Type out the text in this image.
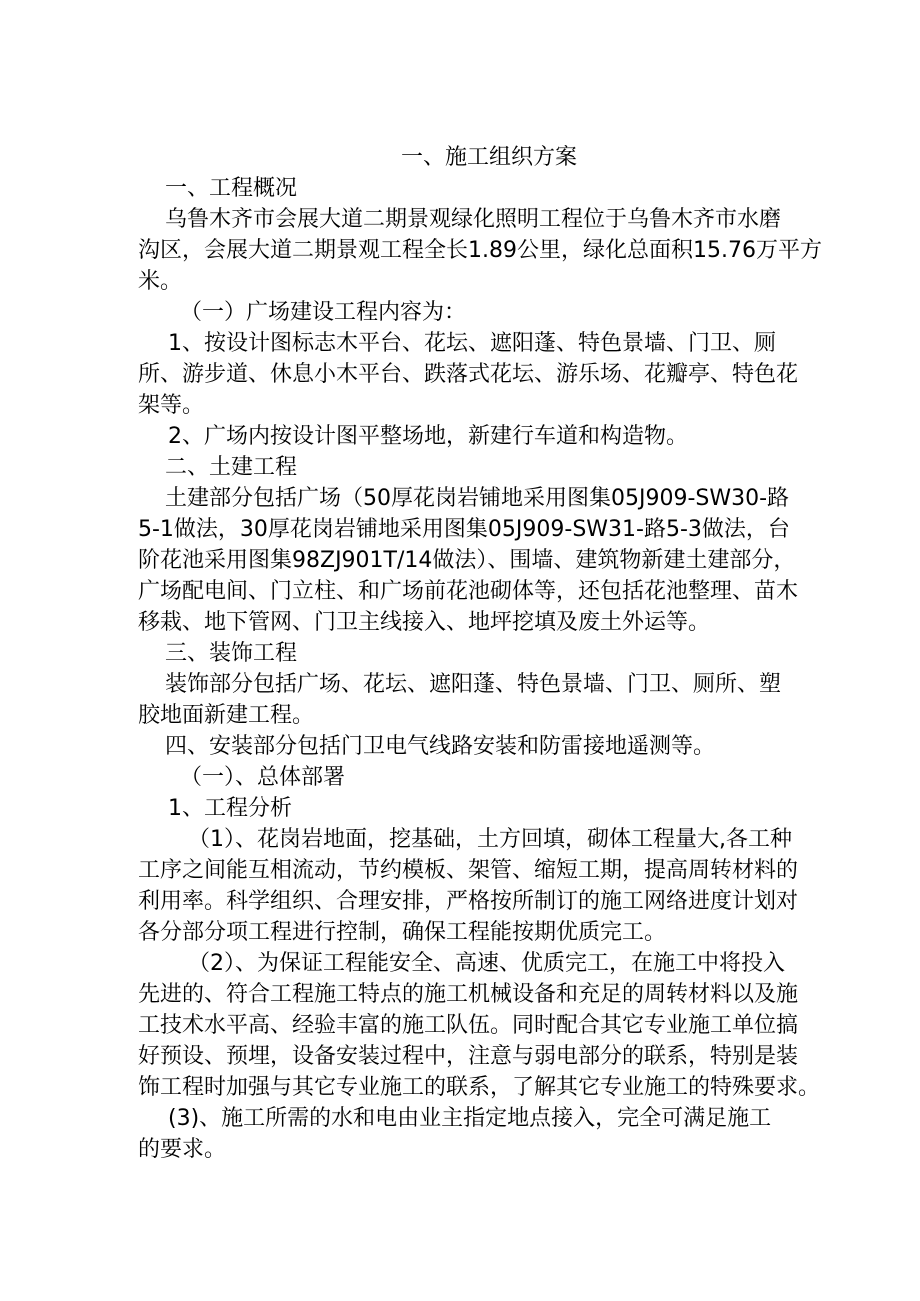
一、施工组织方案

一、工程概况

乌鲁木齐市会展大道二期景观绿化照明工程位于乌鲁木齐市水磨

沟区，会展大道二期景观工程全长1.89公里，绿化总面积15.76万平方

米。

（一）广场建设工程内容为：

1、按设计图标志木平台、花坛、遮阳蓬、特色景墙、门卫、厕

所、游步道、休息小木平台、跌落式花坛、游乐场、花瓣亭、特色花

架等。

2、广场内按设计图平整场地，新建行车道和构造物。

二、土建工程

土建部分包括广场（50厚花岗岩铺地采用图集05J909-SW30-路

5-1做法，30厚花岗岩铺地采用图集05J909-SW31-路5-3做法，台

阶花池采用图集98ZJ901T/14做法）、围墙、建筑物新建土建部分，

广场配电间、门立柱、和广场前花池砌体等，还包括花池整理、苗木

移栽、地下管网、门卫主线接入、地坪挖填及废土外运等。

三、装饰工程

装饰部分包括广场、花坛、遮阳蓬、特色景墙、门卫、厕所、塑

胶地面新建工程。

四、安装部分包括门卫电气线路安装和防雷接地遥测等。

（一）、总体部署

1、工程分析

（1）、花岗岩地面，挖基础，土方回填，砌体工程量大,各工种

工序之间能互相流动，节约模板、架管、缩短工期，提高周转材料的

利用率。科学组织、合理安排，严格按所制订的施工网络进度计划对

各分部分项工程进行控制，确保工程能按期优质完工。

（2）、为保证工程能安全、高速、优质完工，在施工中将投入

先进的、符合工程施工特点的施工机械设备和充足的周转材料以及施

工技术水平高、经验丰富的施工队伍。同时配合其它专业施工单位搞

好预设、预埋，设备安装过程中，注意与弱电部分的联系，特别是装

饰工程时加强与其它专业施工的联系，了解其它专业施工的特殊要求。

(3)、施工所需的水和电由业主指定地点接入，完全可满足施工

的要求。
